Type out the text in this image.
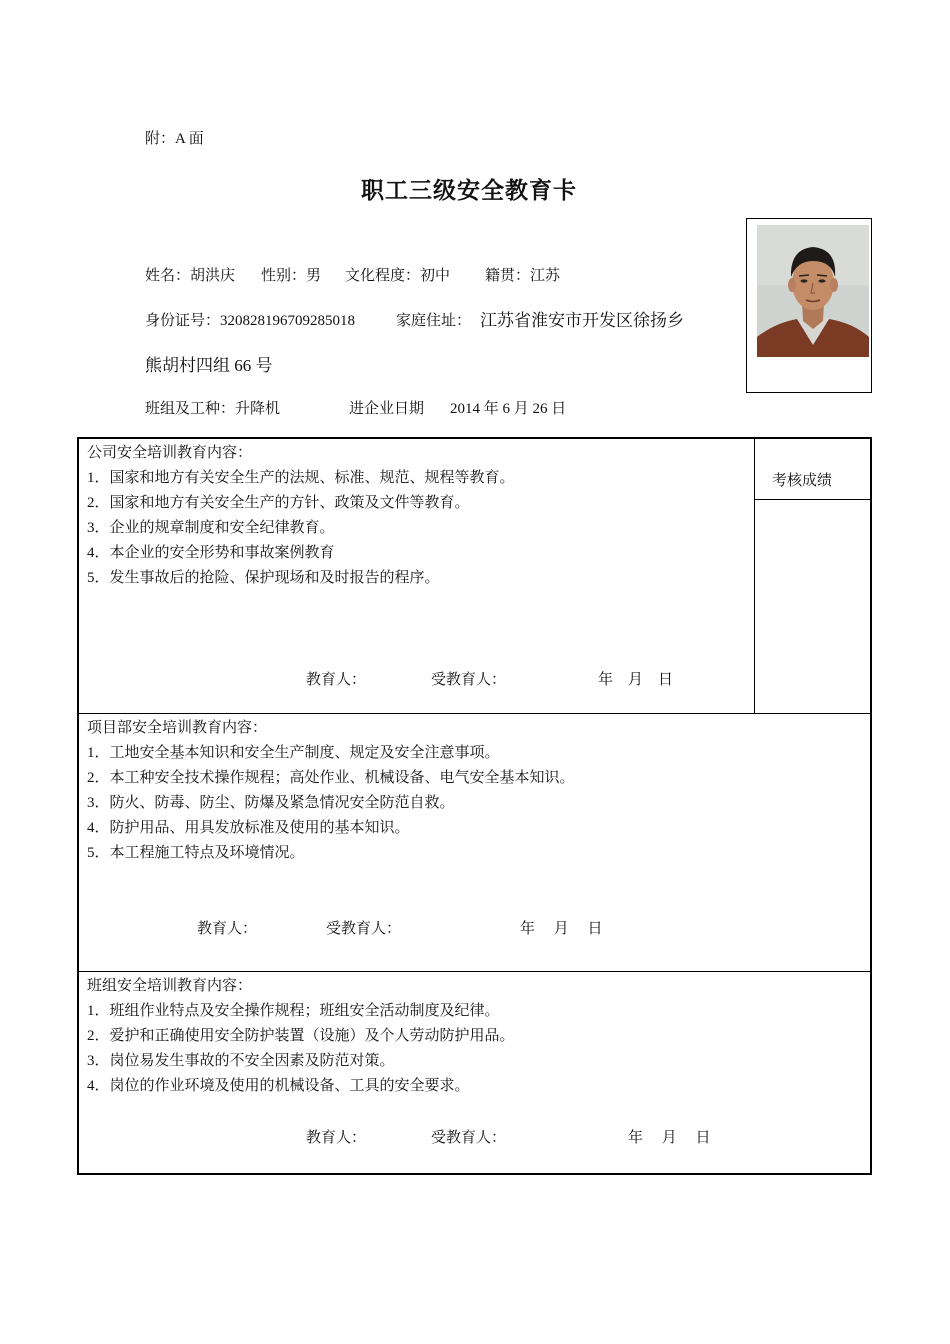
附：A 面
职工三级安全教育卡
姓名：胡洪庆 性别：男 文化程度：初中 籍贯：江苏
身份证号：320828196709285018	家庭住址： 江苏省淮安市开发区徐扬乡
熊胡村四组 66 号
班组及工种：升降机	进企业日期 2014 年 6 月 26 日
考核成绩
公司安全培训教育内容：
1．国家和地方有关安全生产的法规、标准、规范、规程等教育。
2．国家和地方有关安全生产的方针、政策及文件等教育。
3．企业的规章制度和安全纪律教育。
4．本企业的安全形势和事故案例教育
5．发生事故后的抢险、保护现场和及时报告的程序。
教育人：	受教育人：	年　月　日
项目部安全培训教育内容：
1．工地安全基本知识和安全生产制度、规定及安全注意事项。
2．本工种安全技术操作规程；高处作业、机械设备、电气安全基本知识。
3．防火、防毒、防尘、防爆及紧急情况安全防范自救。
4．防护用品、用具发放标准及使用的基本知识。
5．本工程施工特点及环境情况。
教育人：	受教育人：	年　 月　 日
班组安全培训教育内容：
1．班组作业特点及安全操作规程；班组安全活动制度及纪律。
2．爱护和正确使用安全防护装置（设施）及个人劳动防护用品。
3．岗位易发生事故的不安全因素及防范对策。
4．岗位的作业环境及使用的机械设备、工具的安全要求。
教育人：	受教育人：	年　 月　 日
